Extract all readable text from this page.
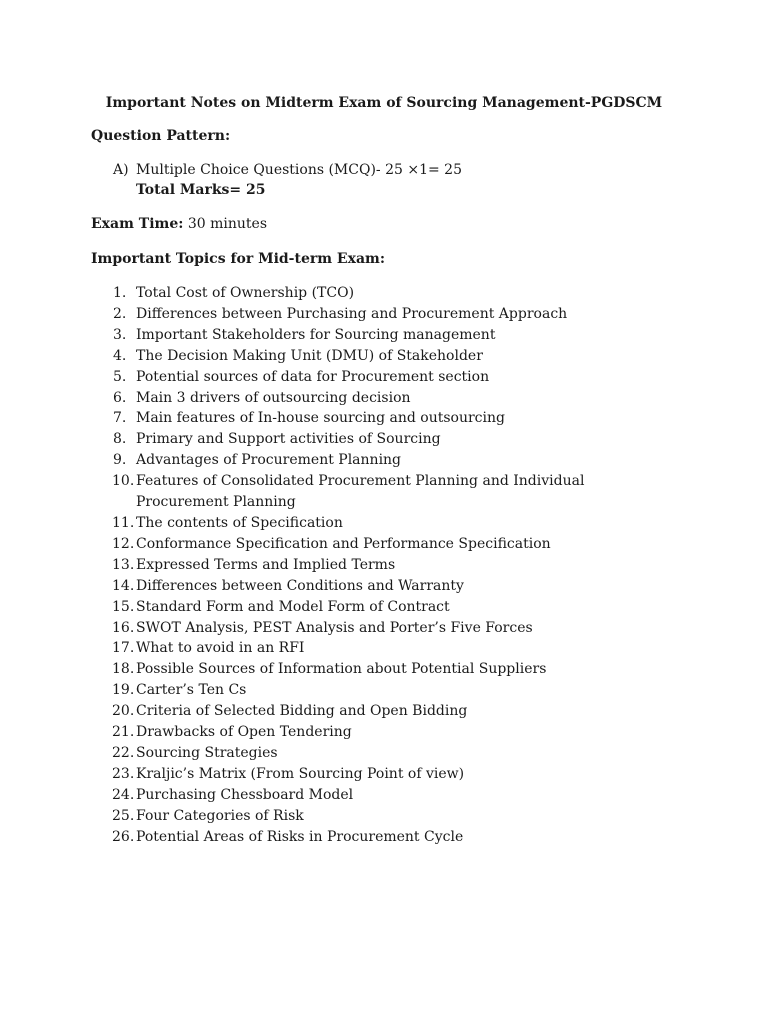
Important Notes on Midterm Exam of Sourcing Management-PGDSCM
Question Pattern:
A) Multiple Choice Questions (MCQ)- 25 ×1= 25
Total Marks= 25
Exam Time: 30 minutes
Important Topics for Mid-term Exam:
1. Total Cost of Ownership (TCO)
2. Differences between Purchasing and Procurement Approach
3. Important Stakeholders for Sourcing management
4. The Decision Making Unit (DMU) of Stakeholder
5. Potential sources of data for Procurement section
6. Main 3 drivers of outsourcing decision
7. Main features of In-house sourcing and outsourcing
8. Primary and Support activities of Sourcing
9. Advantages of Procurement Planning
10. Features of Consolidated Procurement Planning and Individual Procurement Planning
11. The contents of Specification
12. Conformance Specification and Performance Specification
13. Expressed Terms and Implied Terms
14. Differences between Conditions and Warranty
15. Standard Form and Model Form of Contract
16. SWOT Analysis, PEST Analysis and Porter’s Five Forces
17. What to avoid in an RFI
18. Possible Sources of Information about Potential Suppliers
19. Carter’s Ten Cs
20. Criteria of Selected Bidding and Open Bidding
21. Drawbacks of Open Tendering
22. Sourcing Strategies
23. Kraljic’s Matrix (From Sourcing Point of view)
24. Purchasing Chessboard Model
25. Four Categories of Risk
26. Potential Areas of Risks in Procurement Cycle
